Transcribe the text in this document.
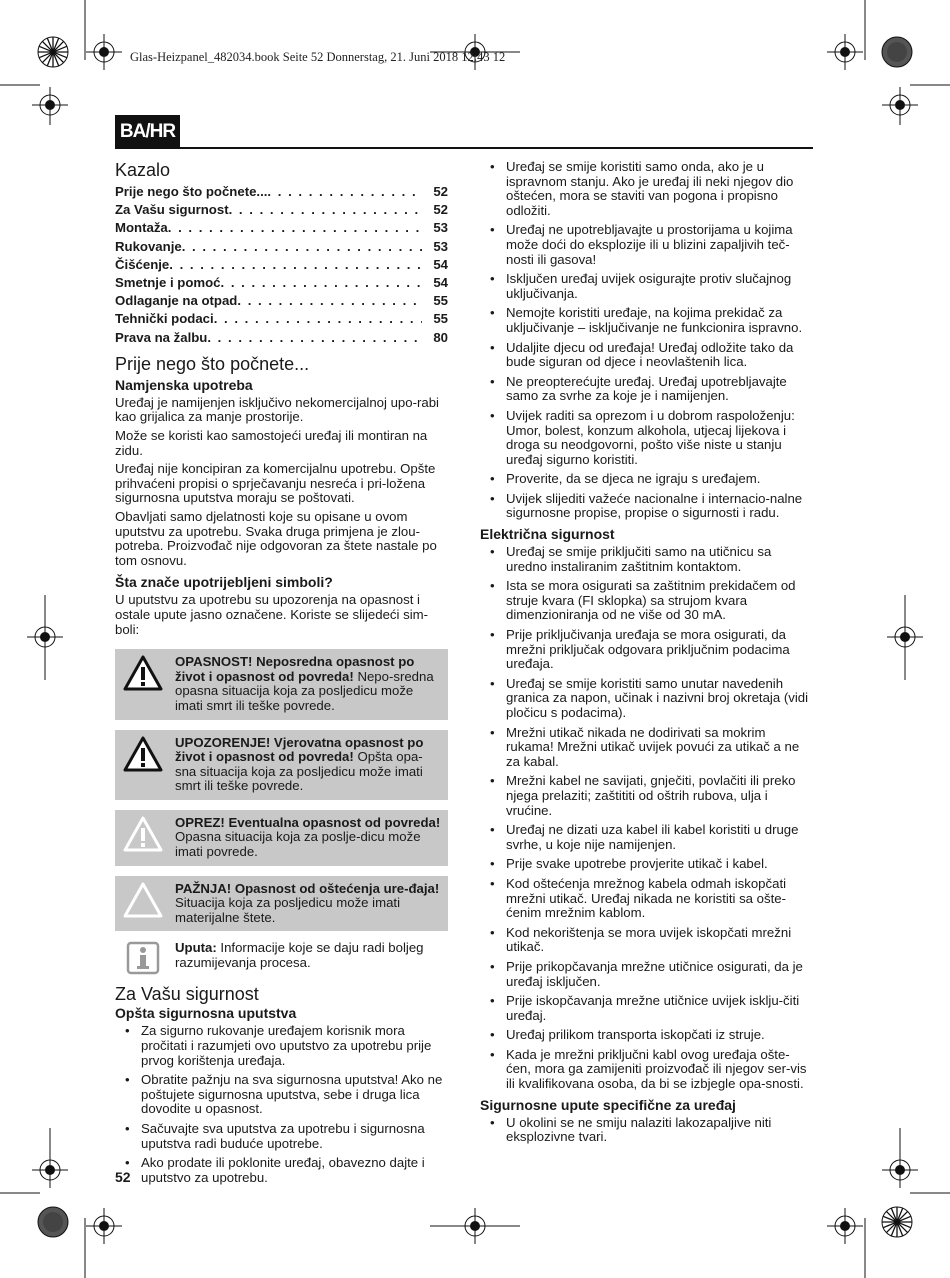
Glas-Heizpanel_482034.book Seite 52 Donnerstag, 21. Juni 2018 12:43 12
BA/HR
Kazalo
Prije nego što počnete... . . .	52
Za Vašu sigurnost . . .	52
Montaža . . .	53
Rukovanje . . .	53
Čišćenje . . .	54
Smetnje i pomoć . . .	54
Odlaganje na otpad . . .	55
Tehnički podaci . . .	55
Prava na žalbu . . .	80
Prije nego što počnete...
Namjenska upotreba

Uređaj je namijenjen isključivo nekomercijalnoj upo-rabi kao grijalica za manje prostorije.

Može se koristi kao samostojeći uređaj ili montiran na zidu.

Uređaj nije koncipiran za komercijalnu upotrebu. Opšte prihvaćeni propisi o sprječavanju nesreća i pri-ložena sigurnosna uputstva moraju se poštovati.

Obavljati samo djelatnosti koje su opisane u ovom uputstvu za upotrebu. Svaka druga primjena je zlou-potreba. Proizvođač nije odgovoran za štete nastale po tom osnovu.

Šta znače upotrijebljeni simboli?

U uputstvu za upotrebu su upozorenja na opasnost i ostale upute jasno označene. Koriste se slijedeći sim-boli:

OPASNOST! Neposredna opasnost po život i opasnost od povreda! Nepo-sredna opasna situacija koja za posljedicu može imati smrt ili teške povrede.
UPOZORENJE! Vjerovatna opasnost po život i opasnost od povreda! Opšta opa-sna situacija koja za posljedicu može imati smrt ili teške povrede.
OPREZ! Eventualna opasnost od povreda! Opasna situacija koja za poslje-dicu može imati povrede.
PAŽNJA! Opasnost od oštećenja ure-đaja! Situacija koja za posljedicu može imati materijalne štete.
Uputa: Informacije koje se daju radi boljeg razumijevanja procesa.
Za Vašu sigurnost
Opšta sigurnosna uputstva
• Za sigurno rukovanje uređajem korisnik mora pročitati i razumjeti ovo uputstvo za upotrebu prije prvog korištenja uređaja.
• Obratite pažnju na sva sigurnosna uputstva! Ako ne poštujete sigurnosna uputstva, sebe i druga lica dovodite u opasnost.
• Sačuvajte sva uputstva za upotrebu i sigurnosna uputstva radi buduće upotrebe.
• Ako prodate ili poklonite uređaj, obavezno dajte i uputstvo za upotrebu.
• Uređaj se smije koristiti samo onda, ako je u ispravnom stanju. Ako je uređaj ili neki njegov dio oštećen, mora se staviti van pogona i propisno odložiti.
• Uređaj ne upotrebljavajte u prostorijama u kojima može doći do eksplozije ili u blizini zapaljivih teč-nosti ili gasova!
• Isključen uređaj uvijek osigurajte protiv slučajnog uključivanja.
• Nemojte koristiti uređaje, na kojima prekidač za uključivanje – isključivanje ne funkcionira ispravno.
• Udaljite djecu od uređaja! Uređaj odložite tako da bude siguran od djece i neovlaštenih lica.
• Ne preopterećujte uređaj. Uređaj upotrebljavajte samo za svrhe za koje je i namijenjen.
• Uvijek raditi sa oprezom i u dobrom raspoloženju: Umor, bolest, konzum alkohola, utjecaj lijekova i droga su neodgovorni, pošto više niste u stanju uređaj sigurno koristiti.
• Proverite, da se djeca ne igraju s uređajem.
• Uvijek slijediti važeće nacionalne i internacio-nalne sigurnosne propise, propise o sigurnosti i radu.
Električna sigurnost
• Uređaj se smije priključiti samo na utičnicu sa uredno instaliranim zaštitnim kontaktom.
• Ista se mora osigurati sa zaštitnim prekidačem od struje kvara (FI sklopka) sa strujom kvara dimenzioniranja od ne više od 30 mA.
• Prije priključivanja uređaja se mora osigurati, da mrežni priključak odgovara priključnim podacima uređaja.
• Uređaj se smije koristiti samo unutar navedenih granica za napon, učinak i nazivni broj okretaja (vidi pločicu s podacima).
• Mrežni utikač nikada ne dodirivati sa mokrim rukama! Mrežni utikač uvijek povući za utikač a ne za kabal.
• Mrežni kabel ne savijati, gnječiti, povlačiti ili preko njega prelaziti; zaštititi od oštrih rubova, ulja i vrućine.
• Uređaj ne dizati uza kabel ili kabel koristiti u druge svrhe, u koje nije namijenjen.
• Prije svake upotrebe provjerite utikač i kabel.
• Kod oštećenja mrežnog kabela odmah iskopčati mrežni utikač. Uređaj nikada ne koristiti sa ošte-ćenim mrežnim kablom.
• Kod nekorištenja se mora uvijek iskopčati mrežni utikač.
• Prije prikopčavanja mrežne utičnice osigurati, da je uređaj isključen.
• Prije iskopčavanja mrežne utičnice uvijek isklju-čiti uređaj.
• Uređaj prilikom transporta iskopčati iz struje.
• Kada je mrežni priključni kabl ovog uređaja ošte-ćen, mora ga zamijeniti proizvođač ili njegov ser-vis ili kvalifikovana osoba, da bi se izbjegle opa-snosti.
Sigurnosne upute specifične za uređaj
• U okolini se ne smiju nalaziti lakozapaljive niti eksplozivne tvari.
52
